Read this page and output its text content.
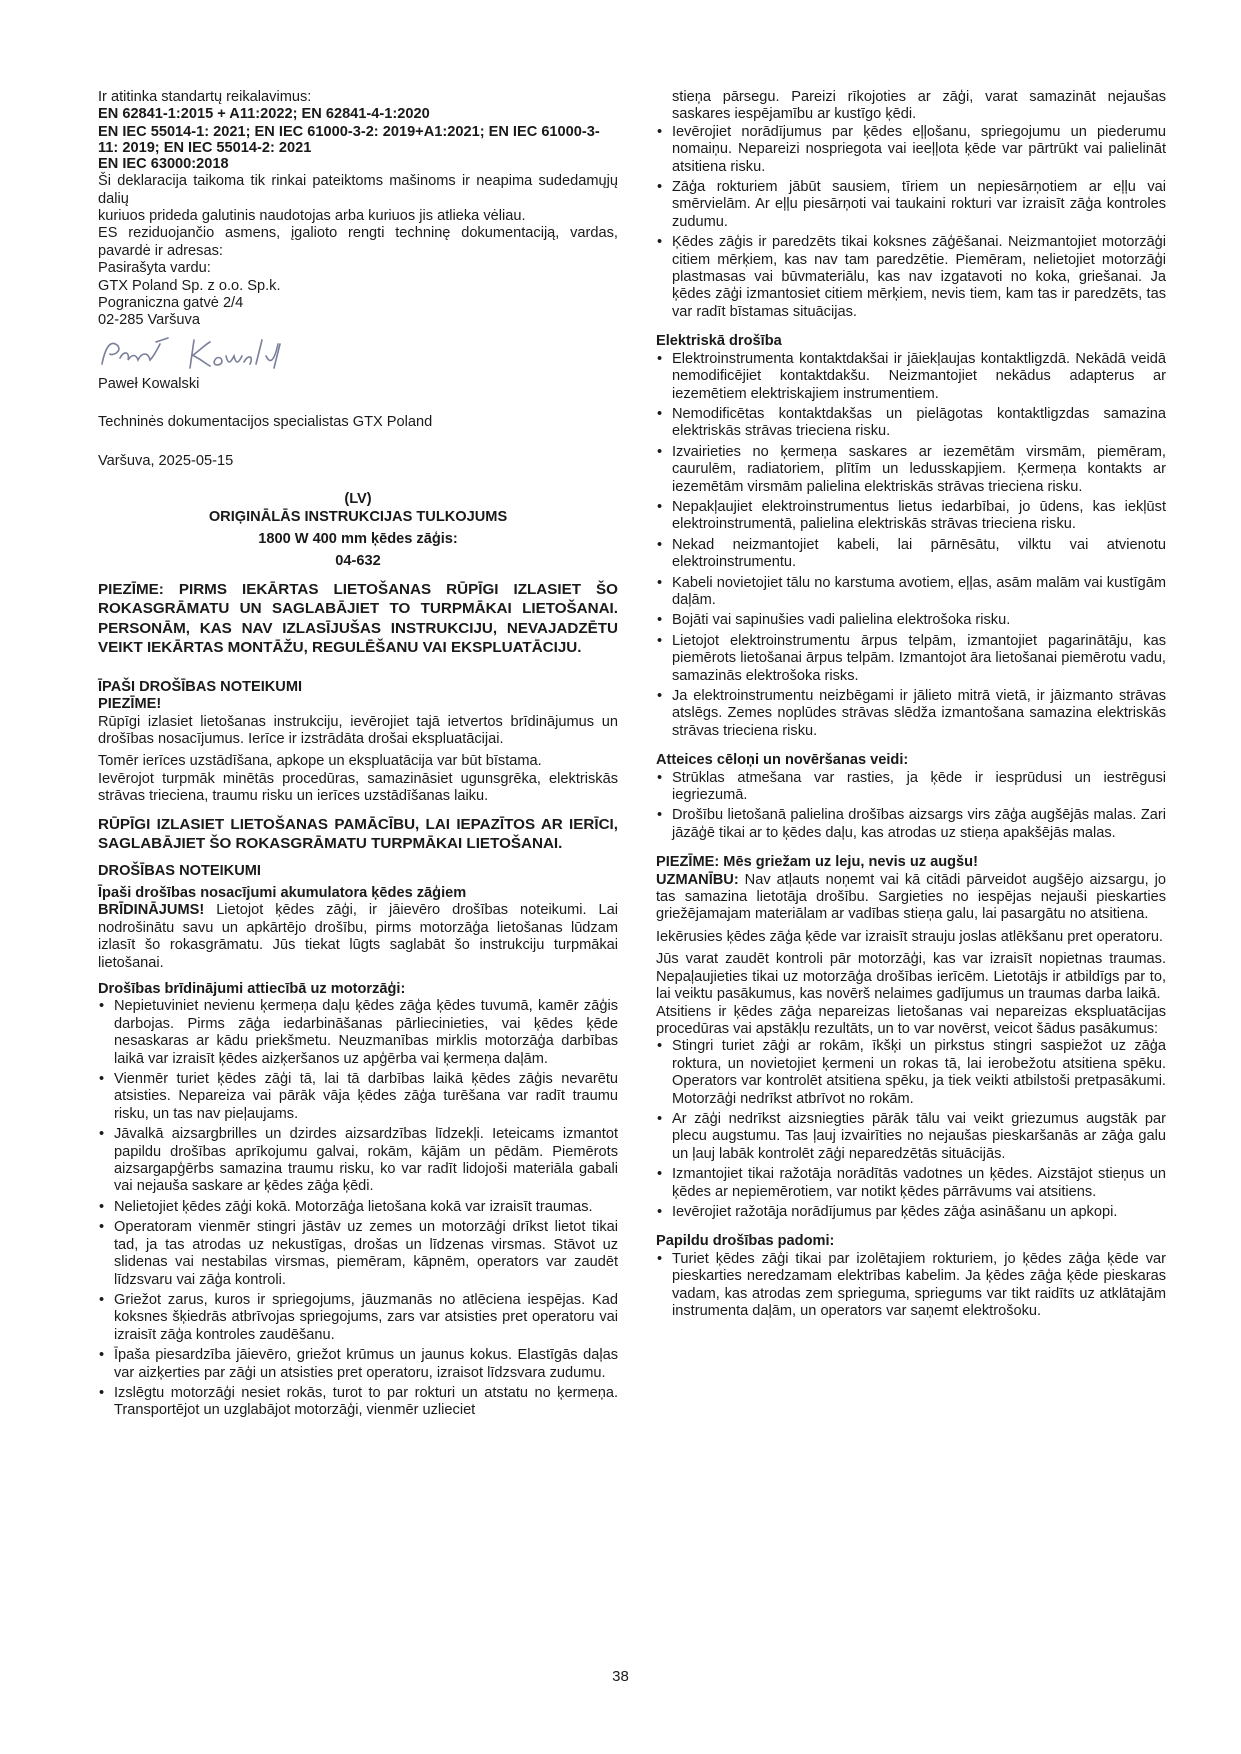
Ir atitinka standartų reikalavimus:

EN 62841-1:2015 + A11:2022; EN 62841-4-1:2020

EN IEC 55014-1: 2021; EN IEC 61000-3-2: 2019+A1:2021; EN IEC 61000-3-11: 2019; EN IEC 55014-2: 2021

EN IEC 63000:2018

Ši deklaracija taikoma tik rinkai pateiktoms mašinoms ir neapima sudedamųjų dalių

kuriuos prideda galutinis naudotojas arba kuriuos jis atlieka vėliau.

ES reziduojančio asmens, įgalioto rengti techninę dokumentaciją, vardas, pavardė ir adresas:

Pasirašyta vardu:

GTX Poland Sp. z o.o. Sp.k.

Pograniczna gatvė 2/4

02-285 Varšuva

Paweł Kowalski

Techninės dokumentacijos specialistas GTX Poland

Varšuva, 2025-05-15

(LV)

ORIĢINĀLĀS INSTRUKCIJAS TULKOJUMS

1800 W 400 mm ķēdes zāģis:

04-632

PIEZĪME: PIRMS IEKĀRTAS LIETOŠANAS RŪPĪGI IZLASIET ŠO ROKASGRĀMATU UN SAGLABĀJIET TO TURPMĀKAI LIETOŠANAI. PERSONĀM, KAS NAV IZLASĪJUŠAS INSTRUKCIJU, NEVAJADZĒTU VEIKT IEKĀRTAS MONTĀŽU, REGULĒŠANU VAI EKSPLUATĀCIJU.

ĪPAŠI DROŠĪBAS NOTEIKUMI

PIEZĪME!

Rūpīgi izlasiet lietošanas instrukciju, ievērojiet tajā ietvertos brīdinājumus un drošības nosacījumus. Ierīce ir izstrādāta drošai ekspluatācijai.

Tomēr ierīces uzstādīšana, apkope un ekspluatācija var būt bīstama.

Ievērojot turpmāk minētās procedūras, samazināsiet ugunsgrēka, elektriskās strāvas trieciena, traumu risku un ierīces uzstādīšanas laiku.

RŪPĪGI IZLASIET LIETOŠANAS PAMĀCĪBU, LAI IEPAZĪTOS AR IERĪCI, SAGLABĀJIET ŠO ROKASGRĀMATU TURPMĀKAI LIETOŠANAI.

DROŠĪBAS NOTEIKUMI

Īpaši drošības nosacījumi akumulatora ķēdes zāģiem

BRĪDINĀJUMS! Lietojot ķēdes zāģi, ir jāievēro drošības noteikumi. Lai nodrošinātu savu un apkārtējo drošību, pirms motorzāģa lietošanas lūdzam izlasīt šo rokasgrāmatu. Jūs tiekat lūgts saglabāt šo instrukciju turpmākai lietošanai.

Drošības brīdinājumi attiecībā uz motorzāģi:
• Nepietuviniet nevienu ķermeņa daļu ķēdes zāģa ķēdes tuvumā, kamēr zāģis darbojas. Pirms zāģa iedarbināšanas pārliecinieties, vai ķēdes ķēde nesaskaras ar kādu priekšmetu. Neuzmanības mirklis motorzāģa darbības laikā var izraisīt ķēdes aizķeršanos uz apģērba vai ķermeņa daļām.
• Vienmēr turiet ķēdes zāģi tā, lai tā darbības laikā ķēdes zāģis nevarētu atsisties. Nepareiza vai pārāk vāja ķēdes zāģa turēšana var radīt traumu risku, un tas nav pieļaujams.
• Jāvalkā aizsargbrilles un dzirdes aizsardzības līdzekļi. Ieteicams izmantot papildu drošības aprīkojumu galvai, rokām, kājām un pēdām. Piemērots aizsargapģērbs samazina traumu risku, ko var radīt lidojoši materiāla gabali vai nejauša saskare ar ķēdes zāģa ķēdi.
• Nelietojiet ķēdes zāģi kokā. Motorzāģa lietošana kokā var izraisīt traumas.
• Operatoram vienmēr stingri jāstāv uz zemes un motorzāģi drīkst lietot tikai tad, ja tas atrodas uz nekustīgas, drošas un līdzenas virsmas. Stāvot uz slidenas vai nestabilas virsmas, piemēram, kāpnēm, operators var zaudēt līdzsvaru vai zāģa kontroli.
• Griežot zarus, kuros ir spriegojums, jāuzmanās no atlēciena iespējas. Kad koksnes šķiedrās atbrīvojas spriegojums, zars var atsisties pret operatoru vai izraisīt zāģa kontroles zaudēšanu.
• Īpaša piesardzība jāievēro, griežot krūmus un jaunus kokus. Elastīgās daļas var aizķerties par zāģi un atsisties pret operatoru, izraisot līdzsvara zudumu.
• Izslēgtu motorzāģi nesiet rokās, turot to par rokturi un atstatu no ķermeņa. Transportējot un uzglabājot motorzāģi, vienmēr uzlieciet

stieņa pārsegu. Pareizi rīkojoties ar zāģi, varat samazināt nejaušas saskares iespējamību ar kustīgo ķēdi.

• Ievērojiet norādījumus par ķēdes eļļošanu, spriegojumu un piederumu nomaiņu. Nepareizi nospriegota vai ieeļļota ķēde var pārtrūkt vai palielināt atsitiena risku.
• Zāģa rokturiem jābūt sausiem, tīriem un nepiesārņotiem ar eļļu vai smērvielām. Ar eļļu piesārņoti vai taukaini rokturi var izraisīt zāģa kontroles zudumu.
• Ķēdes zāģis ir paredzēts tikai koksnes zāģēšanai. Neizmantojiet motorzāģi citiem mērķiem, kas nav tam paredzētie. Piemēram, nelietojiet motorzāģi plastmasas vai būvmateriālu, kas nav izgatavoti no koka, griešanai. Ja ķēdes zāģi izmantosiet citiem mērķiem, nevis tiem, kam tas ir paredzēts, tas var radīt bīstamas situācijas.
Elektriskā drošība
• Elektroinstrumenta kontaktdakšai ir jāiekļaujas kontaktligzdā. Nekādā veidā nemodificējiet kontaktdakšu. Neizmantojiet nekādus adapterus ar iezemētiem elektriskajiem instrumentiem.
• Nemodificētas kontaktdakšas un pielāgotas kontaktligzdas samazina elektriskās strāvas trieciena risku.
• Izvairieties no ķermeņa saskares ar iezemētām virsmām, piemēram, caurulēm, radiatoriem, plītīm un ledusskapjiem. Ķermeņa kontakts ar iezemētām virsmām palielina elektriskās strāvas trieciena risku.
• Nepakļaujiet elektroinstrumentus lietus iedarbībai, jo ūdens, kas iekļūst elektroinstrumentā, palielina elektriskās strāvas trieciena risku.
• Nekad neizmantojiet kabeli, lai pārnēsātu, vilktu vai atvienotu elektroinstrumentu.
• Kabeli novietojiet tālu no karstuma avotiem, eļļas, asām malām vai kustīgām daļām.
• Bojāti vai sapinušies vadi palielina elektrošoka risku.
• Lietojot elektroinstrumentu ārpus telpām, izmantojiet pagarinātāju, kas piemērots lietošanai ārpus telpām. Izmantojot āra lietošanai piemērotu vadu, samazinās elektrošoka risks.
• Ja elektroinstrumentu neizbēgami ir jālieto mitrā vietā, ir jāizmanto strāvas atslēgs. Zemes noplūdes strāvas slēdža izmantošana samazina elektriskās strāvas trieciena risku.
Atteices cēloņi un novēršanas veidi:
• Strūklas atmešana var rasties, ja ķēde ir iesprūdusi un iestrēgusi iegriezumā.
• Drošību lietošanā palielina drošības aizsargs virs zāģa augšējās malas. Zari jāzāģē tikai ar to ķēdes daļu, kas atrodas uz stieņa apakšējās malas.

PIEZĪME: Mēs griežam uz leju, nevis uz augšu!

UZMANĪBU: Nav atļauts noņemt vai kā citādi pārveidot augšējo aizsargu, jo tas samazina lietotāja drošību. Sargieties no iespējas nejauši pieskarties griežējamajam materiālam ar vadības stieņa galu, lai pasargātu no atsitiena.

Iekērusies ķēdes zāģa ķēde var izraisīt strauju joslas atlēkšanu pret operatoru.

Jūs varat zaudēt kontroli pār motorzāģi, kas var izraisīt nopietnas traumas. Nepaļaujieties tikai uz motorzāģa drošības ierīcēm. Lietotājs ir atbildīgs par to, lai veiktu pasākumus, kas novērš nelaimes gadījumus un traumas darba laikā.

Atsitiens ir ķēdes zāģa nepareizas lietošanas vai nepareizas ekspluatācijas procedūras vai apstākļu rezultāts, un to var novērst, veicot šādus pasākumus:

• Stingri turiet zāģi ar rokām, īkšķi un pirkstus stingri saspiežot uz zāģa roktura, un novietojiet ķermeni un rokas tā, lai ierobežotu atsitiena spēku. Operators var kontrolēt atsitiena spēku, ja tiek veikti atbilstoši pretpasākumi. Motorzāģi nedrīkst atbrīvot no rokām.
• Ar zāģi nedrīkst aizsniegties pārāk tālu vai veikt griezumus augstāk par plecu augstumu. Tas ļauj izvairīties no nejaušas pieskaršanās ar zāģa galu un ļauj labāk kontrolēt zāģi neparedzētās situācijās.
• Izmantojiet tikai ražotāja norādītās vadotnes un ķēdes. Aizstājot stieņus un ķēdes ar nepiemērotiem, var notikt ķēdes pārrāvums vai atsitiens.
• Ievērojiet ražotāja norādījumus par ķēdes zāģa asināšanu un apkopi.
Papildu drošības padomi:
• Turiet ķēdes zāģi tikai par izolētajiem rokturiem, jo ķēdes zāģa ķēde var pieskarties neredzamam elektrības kabelim. Ja ķēdes zāģa ķēde pieskaras vadam, kas atrodas zem sprieguma, spriegums var tikt raidīts uz atklātajām instrumenta daļām, un operators var saņemt elektrošoku.
38
